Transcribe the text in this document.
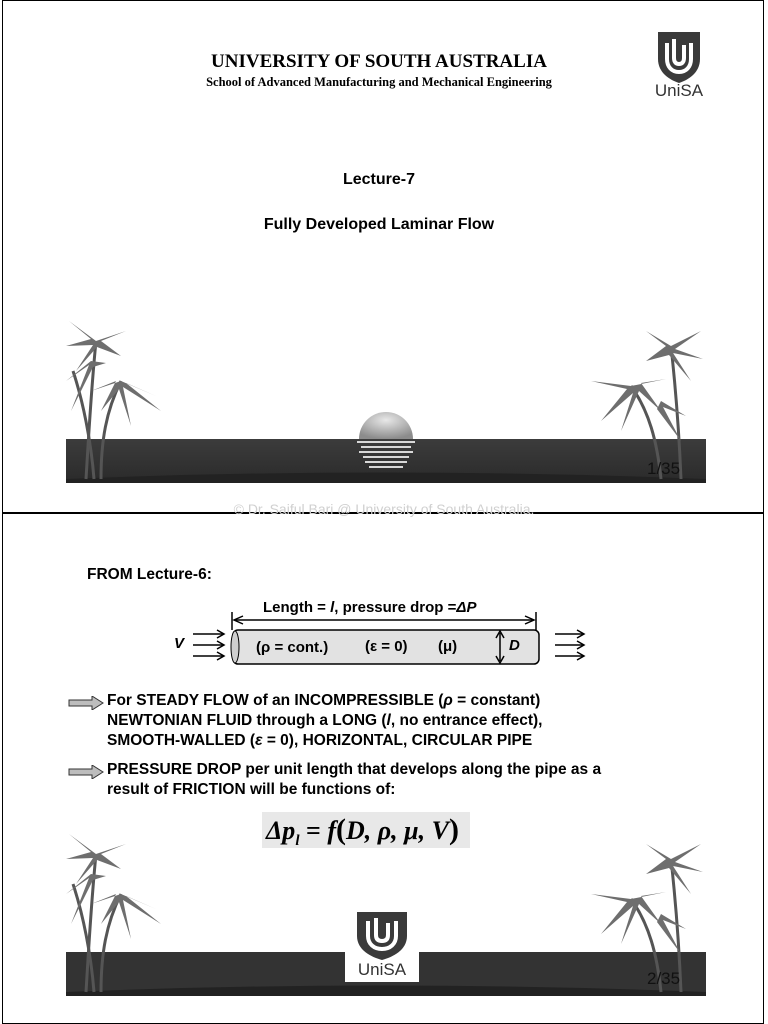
UNIVERSITY OF SOUTH AUSTRALIA
School of Advanced Manufacturing and Mechanical Engineering	UniSA
Lecture-7
Fully Developed Laminar Flow
1/35
© Dr. Saiful Bari @ University of South Australia.
FROM Lecture-6:
Length = l, pressure drop =ΔP
V	(ρ = cont.) (ε = 0) (μ)	D
For STEADY FLOW of an INCOMPRESSIBLE (ρ = constant)
NEWTONIAN FLUID through a LONG (l, no entrance effect),
SMOOTH-WALLED (ε = 0), HORIZONTAL, CIRCULAR PIPE
PRESSURE DROP per unit length that develops along the pipe as a
result of FRICTION will be functions of:
$\Delta p_l = f(D$, ρ, μ, V)
UniSA	2/35
